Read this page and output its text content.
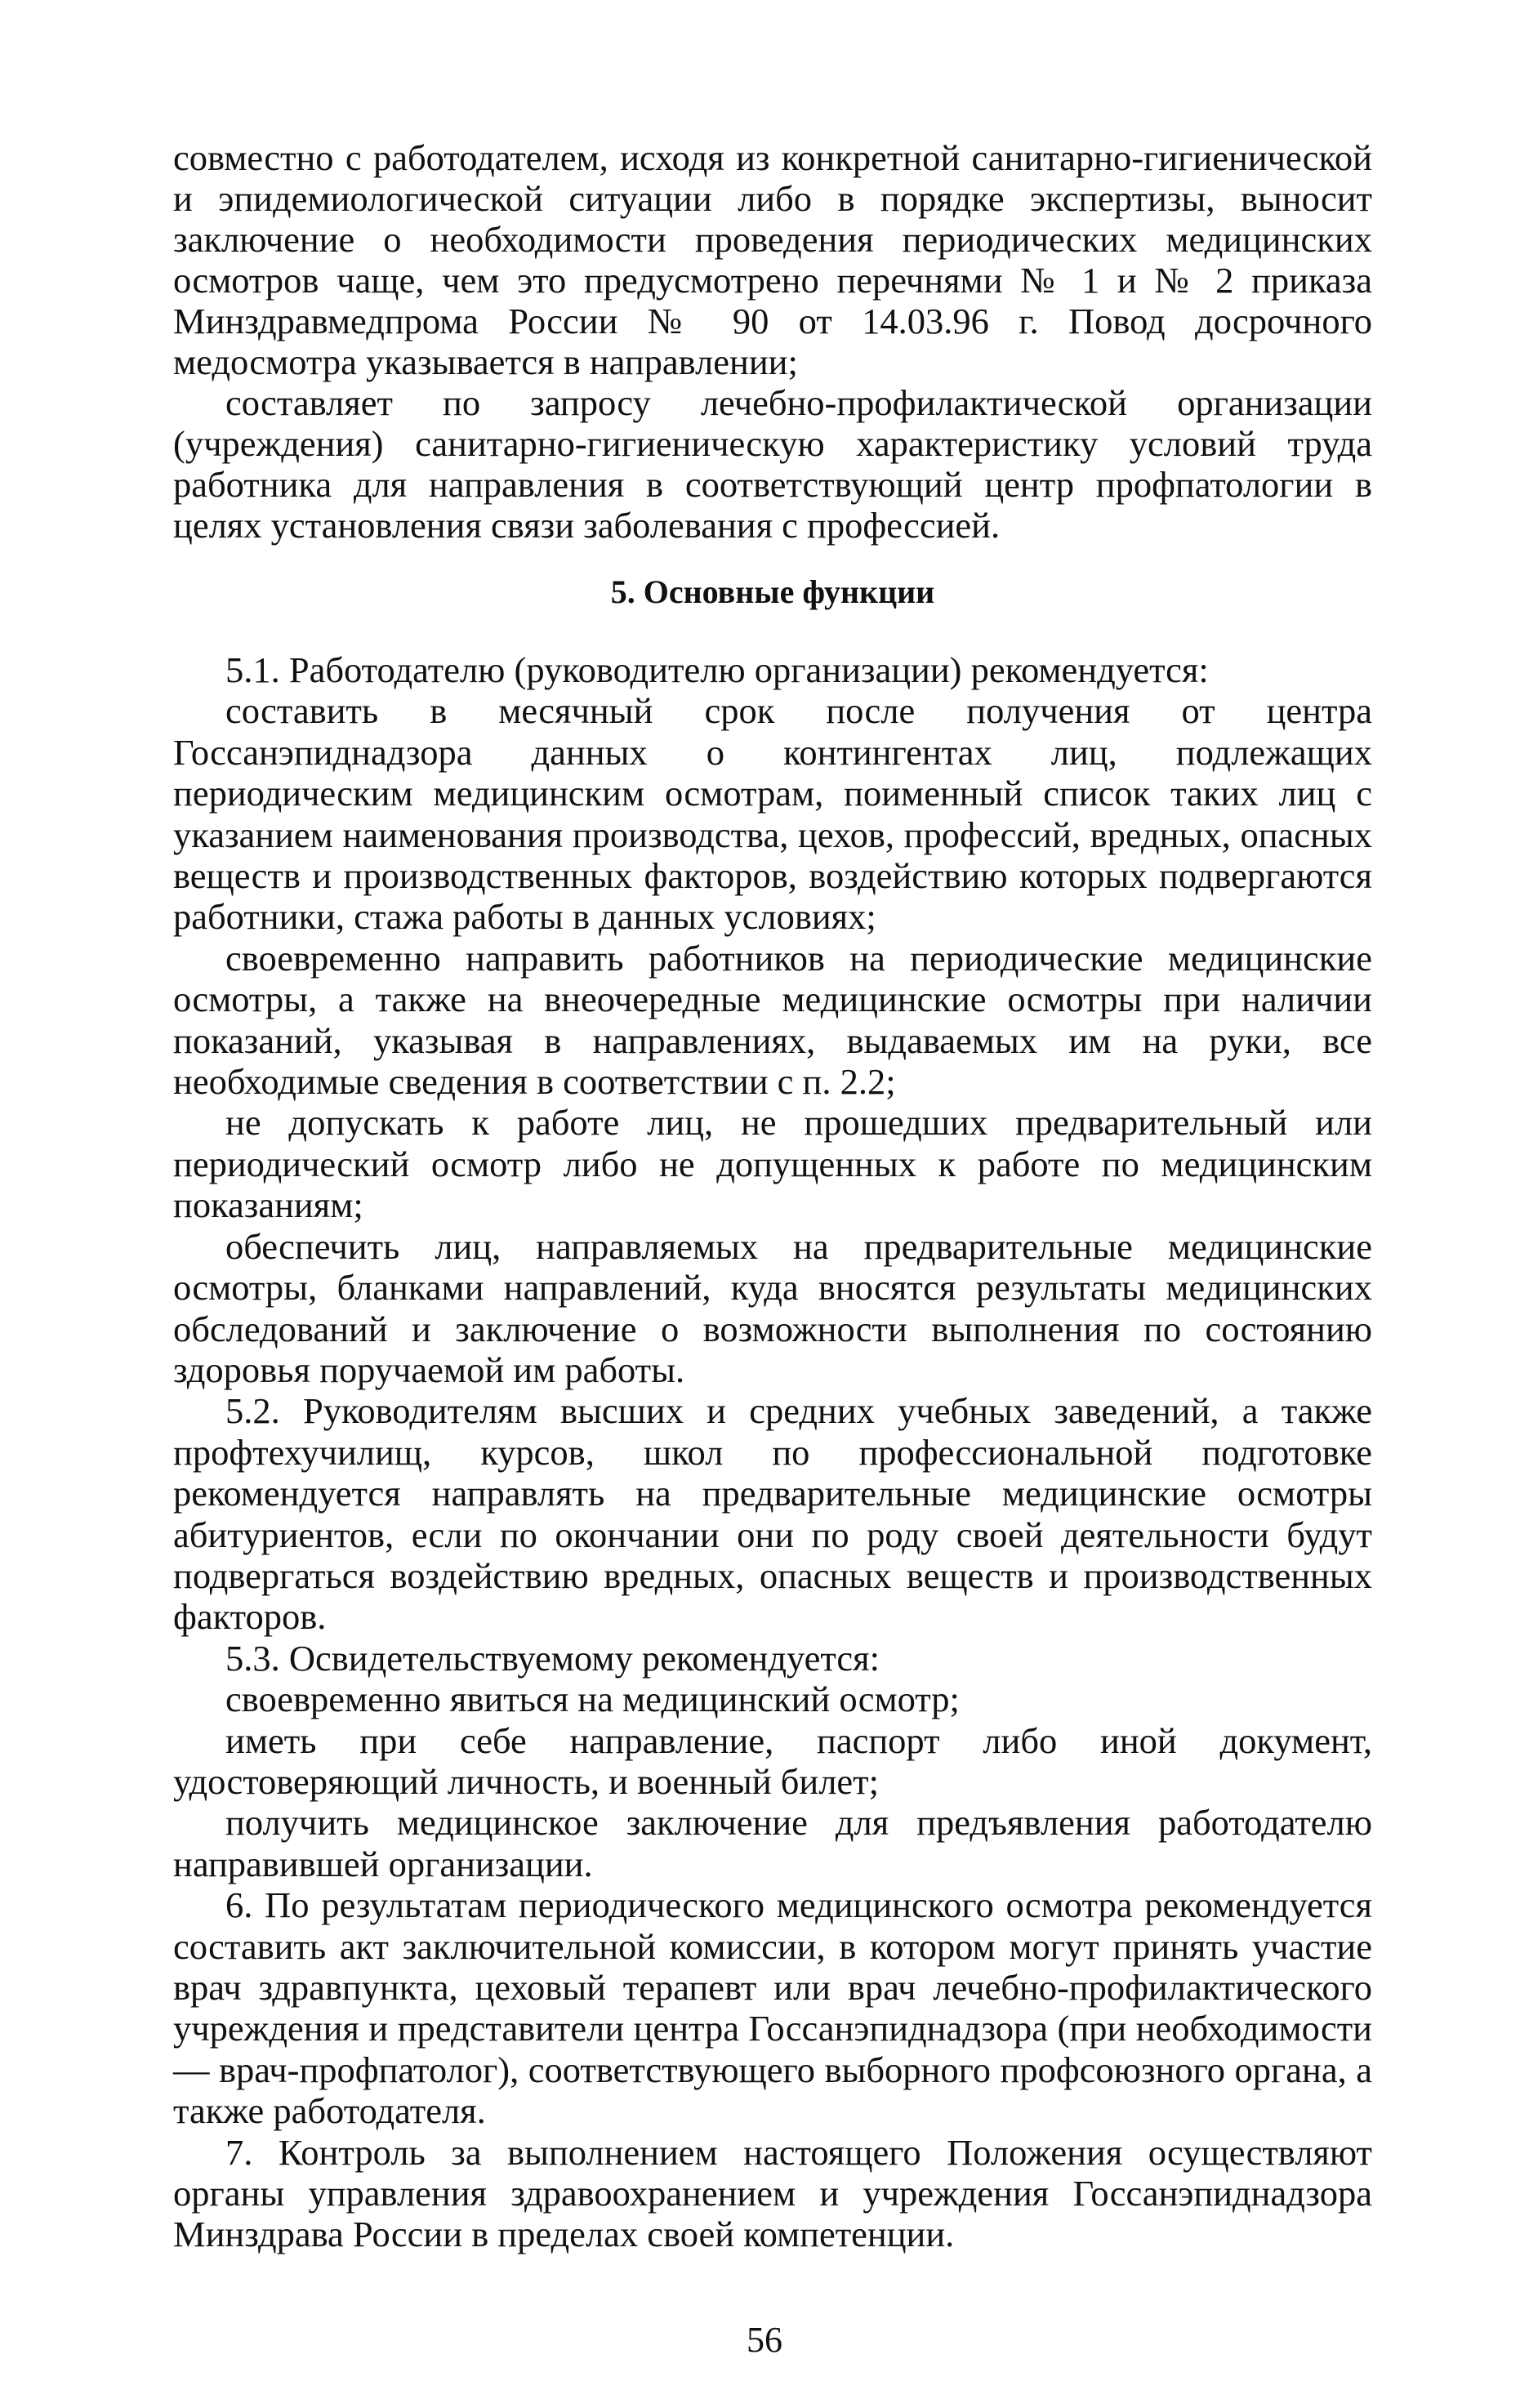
совместно с работодателем, исходя из конкретной санитарно-гигиенической и эпидемиологической ситуации либо в порядке экспертизы, выносит заключение о необходимости проведения периодических медицинских осмотров чаще, чем это предусмотрено перечнями № 1 и № 2 приказа Минздравмедпрома России № 90 от 14.03.96 г. Повод досрочного медосмотра указывается в направлении;

составляет по запросу лечебно-профилактической организации (учреждения) санитарно-гигиеническую характеристику условий труда работника для направления в соответствующий центр профпатологии в целях установления связи заболевания с профессией.

5. Основные функции

5.1. Работодателю (руководителю организации) рекомендуется:

составить в месячный срок после получения от центра Госсанэпиднадзора данных о контингентах лиц, подлежащих периодическим медицинским осмотрам, поименный список таких лиц с указанием наименования производства, цехов, профессий, вредных, опасных веществ и производственных факторов, воздействию которых подвергаются работники, стажа работы в данных условиях;

своевременно направить работников на периодические медицинские осмотры, а также на внеочередные медицинские осмотры при наличии показаний, указывая в направлениях, выдаваемых им на руки, все необходимые сведения в соответствии с п. 2.2;

не допускать к работе лиц, не прошедших предварительный или периодический осмотр либо не допущенных к работе по медицинским показаниям;

обеспечить лиц, направляемых на предварительные медицинские осмотры, бланками направлений, куда вносятся результаты медицинских обследований и заключение о возможности выполнения по состоянию здоровья поручаемой им работы.

5.2. Руководителям высших и средних учебных заведений, а также профтехучилищ, курсов, школ по профессиональной подготовке рекомендуется направлять на предварительные медицинские осмотры абитуриентов, если по окончании они по роду своей деятельности будут подвергаться воздействию вредных, опасных веществ и производственных факторов.

5.3. Освидетельствуемому рекомендуется:

своевременно явиться на медицинский осмотр;

иметь при себе направление, паспорт либо иной документ, удостоверяющий личность, и военный билет;

получить медицинское заключение для предъявления работодателю направившей организации.

6. По результатам периодического медицинского осмотра рекомендуется составить акт заключительной комиссии, в котором могут принять участие врач здравпункта, цеховый терапевт или врач лечебно-профилактического учреждения и представители центра Госсанэпиднадзора (при необходимости — врач-профпатолог), соответствующего выборного профсоюзного органа, а также работодателя.

7. Контроль за выполнением настоящего Положения осуществляют органы управления здравоохранением и учреждения Госсанэпиднадзора Минздрава России в пределах своей компетенции.

56
